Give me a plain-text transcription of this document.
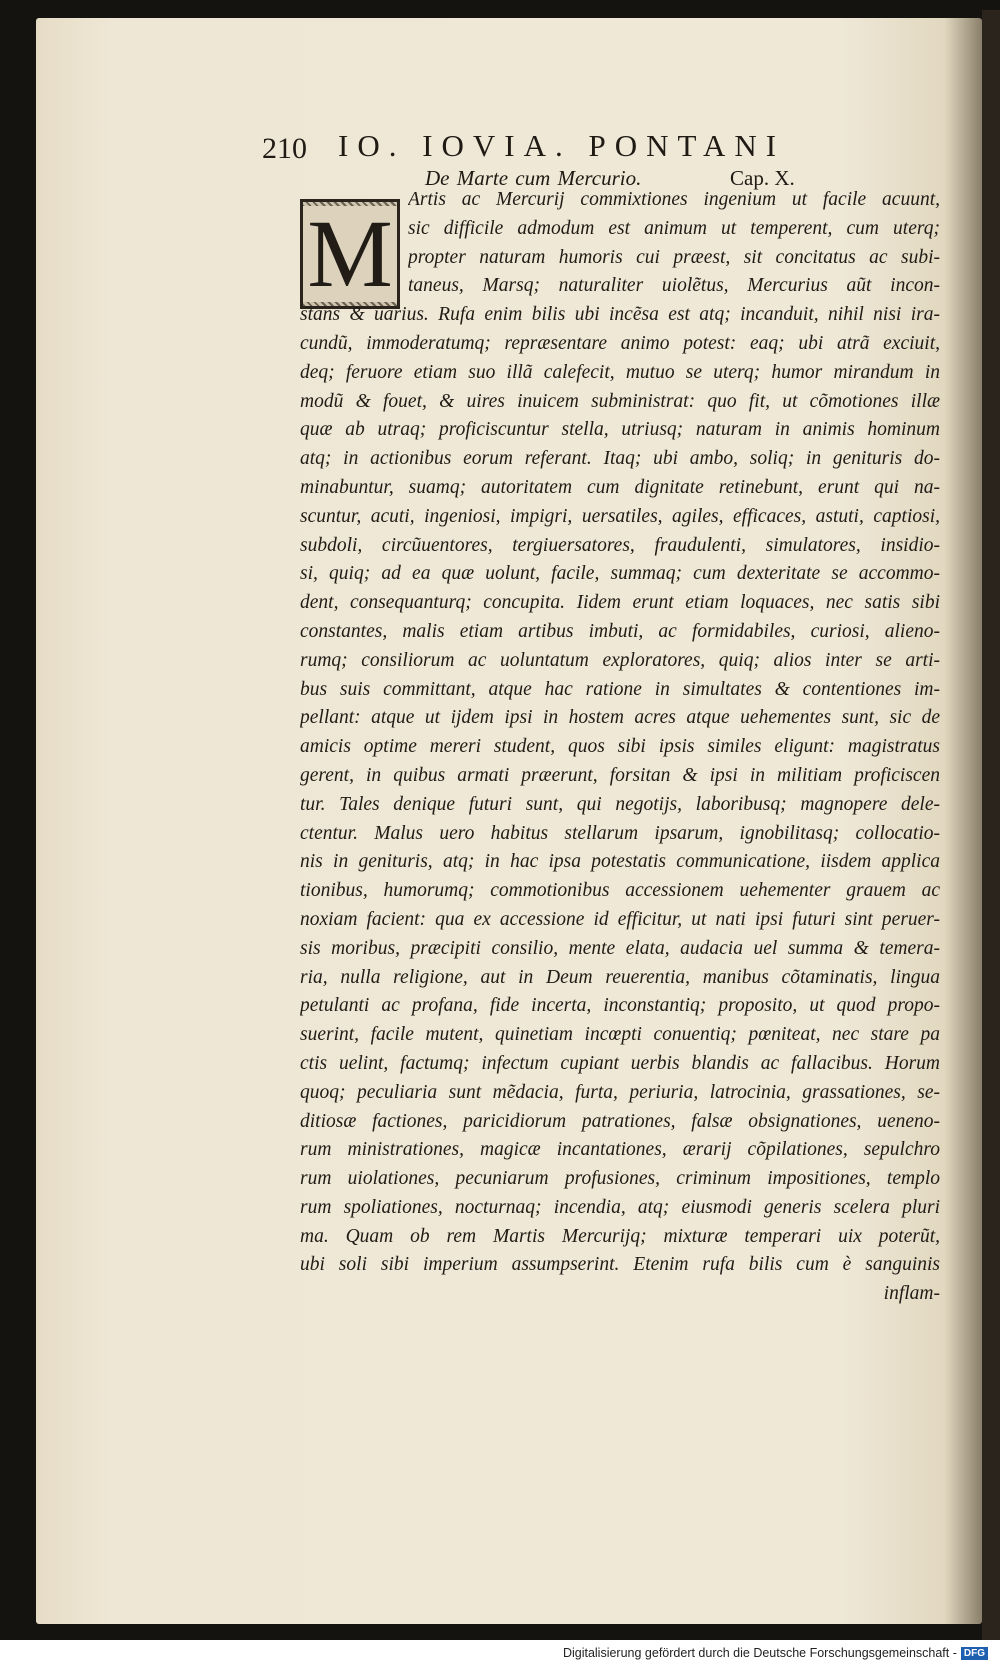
210 IO. IOVIA. PONTANI
De Marte cum Mercurio.	Cap. X.
M
Artis ac Mercurij commixtiones ingenium ut facile acuunt,
sic difficile admodum est animum ut temperent, cum uterq;
propter naturam humoris cui præest, sit concitatus ac subi-
taneus, Marsq; naturaliter uiolẽtus, Mercurius aũt incon-
stans & uarius. Rufa enim bilis ubi incẽsa est atq; incanduit, nihil nisi ira-
cundũ, immoderatumq; repræsentare animo potest: eaq; ubi atrã exciuit,
deq; feruore etiam suo illã calefecit, mutuo se uterq; humor mirandum in
modũ & fouet, & uires inuicem subministrat: quo fit, ut cõmotiones illæ
quæ ab utraq; proficiscuntur stella, utriusq; naturam in animis hominum
atq; in actionibus eorum referant. Itaq; ubi ambo, soliq; in genituris do-
minabuntur, suamq; autoritatem cum dignitate retinebunt, erunt qui na-
scuntur, acuti, ingeniosi, impigri, uersatiles, agiles, efficaces, astuti, captiosi,
subdoli, circũuentores, tergiuersatores, fraudulenti, simulatores, insidio-
si, quiq; ad ea quæ uolunt, facile, summaq; cum dexteritate se accommo-
dent, consequanturq; concupita. Iidem erunt etiam loquaces, nec satis sibi
constantes, malis etiam artibus imbuti, ac formidabiles, curiosi, alieno-
rumq; consiliorum ac uoluntatum exploratores, quiq; alios inter se arti-
bus suis committant, atque hac ratione in simultates & contentiones im-
pellant: atque ut ijdem ipsi in hostem acres atque uehementes sunt, sic de
amicis optime mereri student, quos sibi ipsis similes eligunt: magistratus
gerent, in quibus armati præerunt, forsitan & ipsi in militiam proficiscen
tur. Tales denique futuri sunt, qui negotijs, laboribusq; magnopere dele-
ctentur. Malus uero habitus stellarum ipsarum, ignobilitasq; collocatio-
nis in genituris, atq; in hac ipsa potestatis communicatione, iisdem applica
tionibus, humorumq; commotionibus accessionem uehementer grauem ac
noxiam facient: qua ex accessione id efficitur, ut nati ipsi futuri sint peruer-
sis moribus, præcipiti consilio, mente elata, audacia uel summa & temera-
ria, nulla religione, aut in Deum reuerentia, manibus cõtaminatis, lingua
petulanti ac profana, fide incerta, inconstantiq; proposito, ut quod propo-
suerint, facile mutent, quinetiam incœpti conuentiq; pœniteat, nec stare pa
ctis uelint, factumq; infectum cupiant uerbis blandis ac fallacibus. Horum
quoq; peculiaria sunt mẽdacia, furta, periuria, latrocinia, grassationes, se-
ditiosæ factiones, paricidiorum patrationes, falsæ obsignationes, ueneno-
rum ministrationes, magicæ incantationes, ærarij cõpilationes, sepulchro
rum uiolationes, pecuniarum profusiones, criminum impositiones, templo
rum spoliationes, nocturnaq; incendia, atq; eiusmodi generis scelera pluri
ma. Quam ob rem Martis Mercurijq; mixturæ temperari uix poterũt,
ubi soli sibi imperium assumpserint. Etenim rufa bilis cum è sanguinis
inflam-
Digitalisierung gefördert durch die Deutsche Forschungsgemeinschaft - DFG
